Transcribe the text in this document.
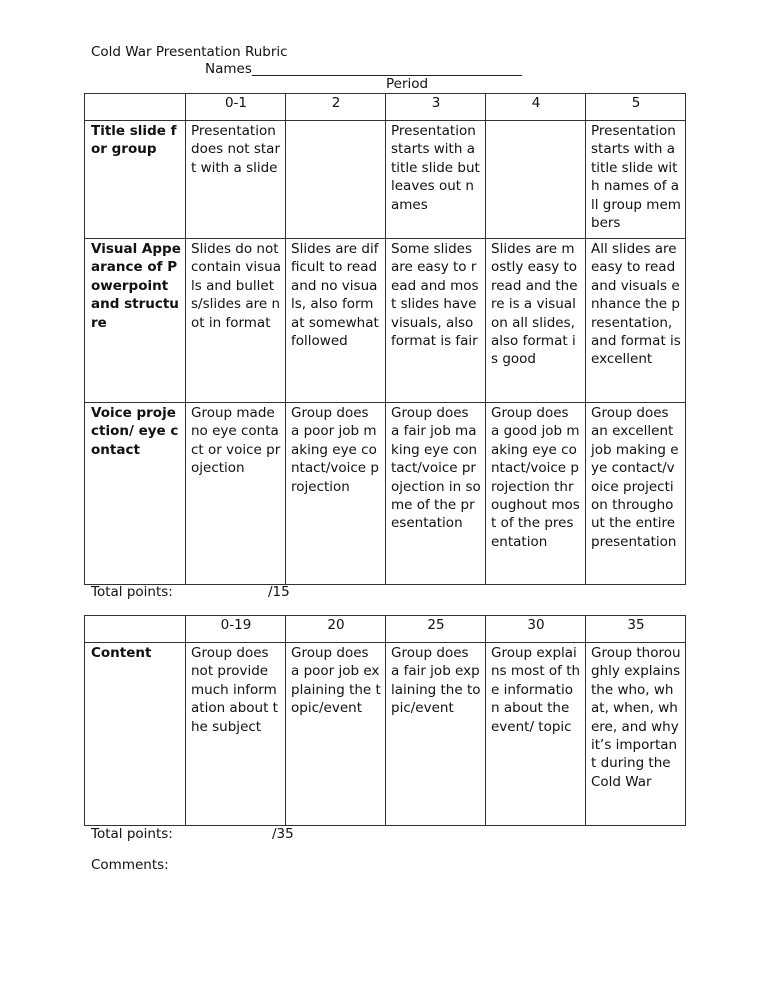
Cold War Presentation Rubric
Names________________________________________
Period
	0-1	2	3	4	5
Title slide for group	Presentation does not start with a slide		Presentation starts with a title slide but leaves out names		Presentation starts with a title slide with names of all group members
Visual Appearance of Powerpoint and structure	Slides do not contain visuals and bullets/slides are not in format	Slides are difficult to read and no visuals, also format somewhat followed	Some slides are easy to read and most slides have visuals, also format is fair	Slides are mostly easy to read and there is a visual on all slides, also format is good	All slides are easy to read and visuals enhance the presentation, and format is excellent
Voice projection/ eye contact	Group made no eye contact or voice projection	Group does a poor job making eye contact/voice projection	Group does a fair job making eye contact/voice projection in some of the presentation	Group does a good job making eye contact/voice projection throughout most of the presentation	Group does an excellent job making eye contact/voice projection throughout the entire presentation
Total points:	/15
	0-19	20	25	30	35
Content	Group does not provide much information about the subject	Group does a poor job explaining the topic/event	Group does a fair job explaining the topic/event	Group explains most of the information about the event/ topic	Group thoroughly explains the who, what, when, where, and why it’s important during the Cold War
Total points:	/35
Comments:
